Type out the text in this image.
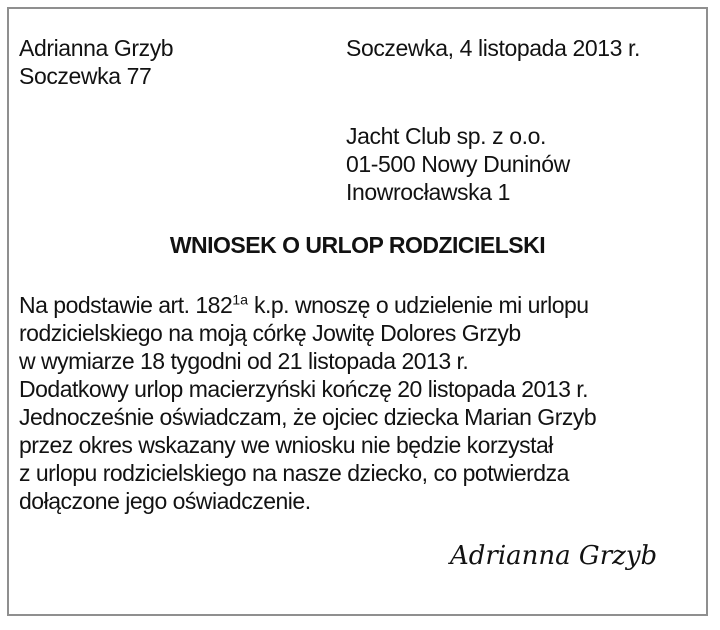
Adrianna Grzyb
Soczewka 77
Soczewka, 4 listopada 2013 r.
Jacht Club sp. z o.o.
01-500 Nowy Duninów
Inowrocławska 1
WNIOSEK O URLOP RODZICIELSKI
Na podstawie art. $182^{1a}$ k.p. wnoszę o udzielenie mi urlopu
rodzicielskiego na moją córkę Jowitę Dolores Grzyb
w wymiarze 18 tygodni od 21 listopada 2013 r.
Dodatkowy urlop macierzyński kończę 20 listopada 2013 r.
Jednocześnie oświadczam, że ojciec dziecka Marian Grzyb
przez okres wskazany we wniosku nie będzie korzystał
z urlopu rodzicielskiego na nasze dziecko, co potwierdza
dołączone jego oświadczenie.
Adrianna Grzyb
